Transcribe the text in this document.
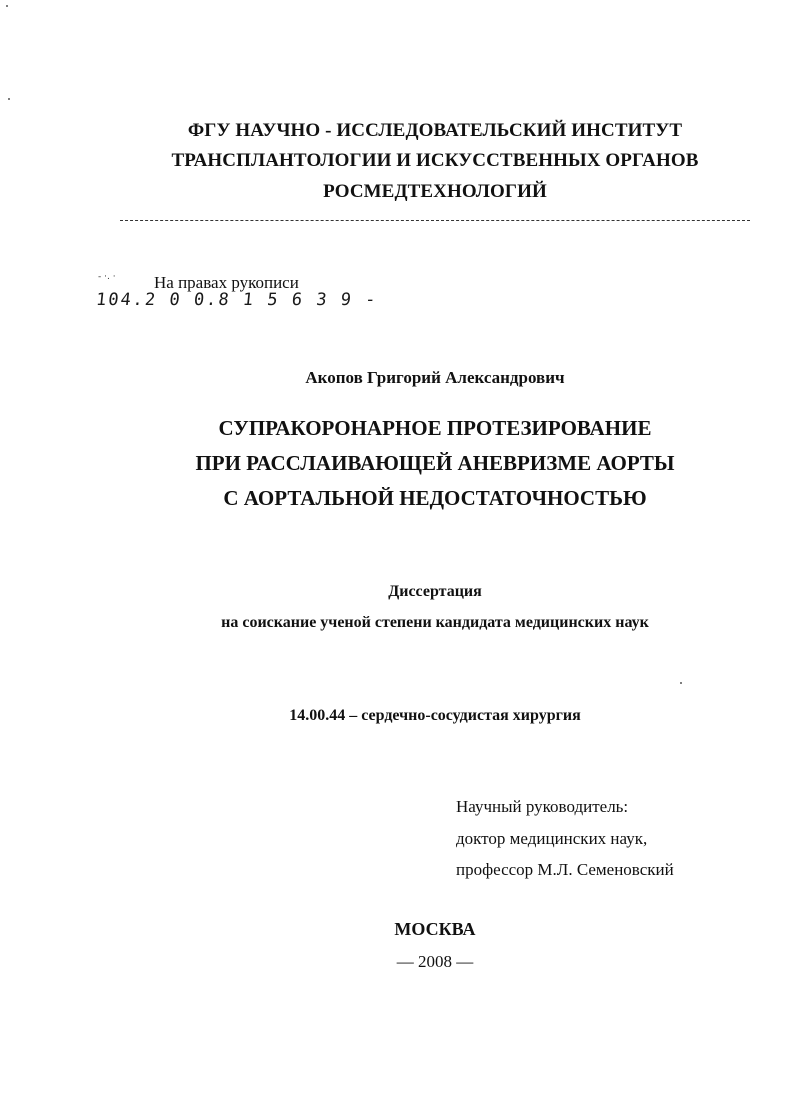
ФГУ НАУЧНО - ИССЛЕДОВАТЕЛЬСКИЙ ИНСТИТУТ
ТРАНСПЛАНТОЛОГИИ И ИСКУССТВЕННЫХ ОРГАНОВ
РОСМЕДТЕХНОЛОГИЙ
- ·. · На правах рукописи
104.2 0 0.8 1 5 6 3 9 -
Акопов Григорий Александрович
СУПРАКОРОНАРНОЕ ПРОТЕЗИРОВАНИЕ
ПРИ РАССЛАИВАЮЩЕЙ АНЕВРИЗМЕ АОРТЫ
С АОРТАЛЬНОЙ НЕДОСТАТОЧНОСТЬЮ
Диссертация
на соискание ученой степени кандидата медицинских наук
14.00.44 – сердечно-сосудистая хирургия
Научный руководитель:
доктор медицинских наук,
профессор М.Л. Семеновский
МОСКВА
— 2008 —
